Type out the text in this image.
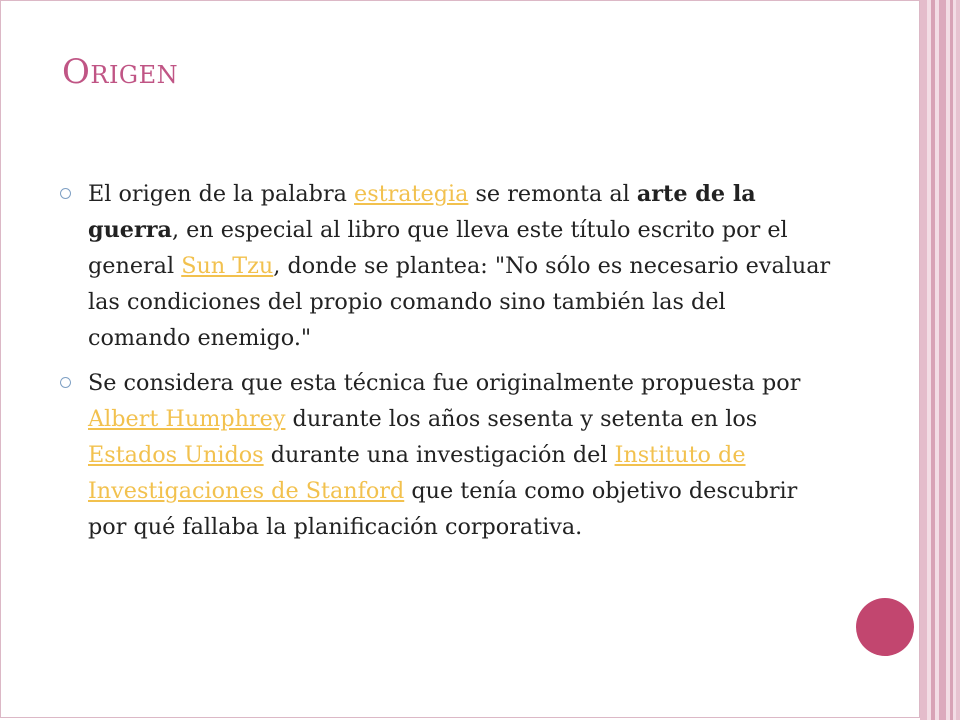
Origen
El origen de la palabra estrategia se remonta al arte de la guerra, en especial al libro que lleva este título escrito por el general Sun Tzu, donde se plantea: "No sólo es necesario evaluar las condiciones del propio comando sino también las del comando enemigo."
Se considera que esta técnica fue originalmente propuesta por Albert Humphrey durante los años sesenta y setenta en los Estados Unidos durante una investigación del Instituto de Investigaciones de Stanford que tenía como objetivo descubrir por qué fallaba la planificación corporativa.
